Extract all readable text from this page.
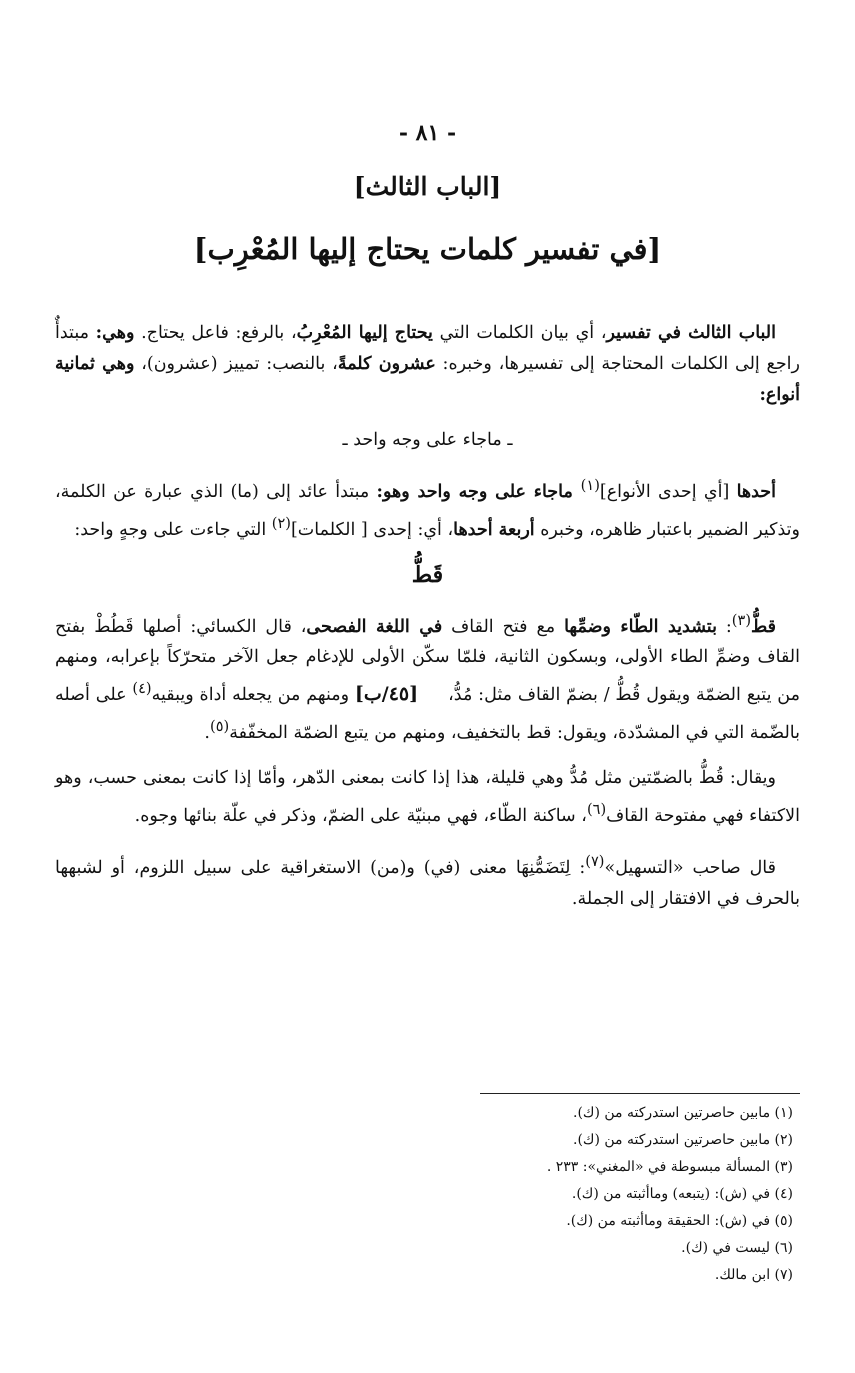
- ٨١ -
[الباب الثالث]
[في تفسير كلمات يحتاج إليها المُعْرِب]

الباب الثالث في تفسير، أي بيان الكلمات التي يحتاج إليها المُعْرِبُ، بالرفع: فاعل يحتاج. وهي: مبتدأٌ راجع إلى الكلمات المحتاجة إلى تفسيرها، وخبره: عشرون كلمةً، بالنصب: تمييز (عشرون)، وهي ثمانية أنواع:

ـ ماجاء على وجه واحد ـ

أحدها [أي إحدى الأنواع]$^{(١)}$ ماجاء على وجه واحد وهو: مبتدأ عائد إلى (ما) الذي عبارة عن الكلمة، وتذكير الضمير باعتبار ظاهره، وخبره أربعة أحدها، أي: إحدى [ الكلمات]$^{(٢)}$ التي جاءت على وجهٍ واحد:

قَطُّ

قطُّ$^{(٣)}$: بتشديد الطّاء وضمِّها مع فتح القاف في اللغة الفصحى، قال الكسائي: أصلها قَطُطْ بفتح القاف وضمِّ الطاء الأولى، وبسكون الثانية، فلمّا سكّن الأولى للإدغام جعل الآخر متحرّكاً بإعرابه، ومنهم من يتبع الضمّة ويقول قُطُّ / بضمّ القاف مثل: مُدُّ،[٤٥/ب] ومنهم من يجعله أداة ويبقيه$^{(٤)}$ على أصله بالضّمة التي في المشدّدة، ويقول: قط بالتخفيف، ومنهم من يتبع الضمّة المخفّفة$^{(٥)}$.

ويقال: قُطُّ بالضمّتين مثل مُدُّ وهي قليلة، هذا إذا كانت بمعنى الدّهر، وأمّا إذا كانت بمعنى حسب، وهو الاكتفاء فهي مفتوحة القاف$^{(٦)}$، ساكنة الطّاء، فهي مبنيّة على الضمّ، وذكر في علّة بنائها وجوه.

قال صاحب «التسهيل»$^{(٧)}$: لِتَضَمُّنِهَا معنى (في) و(من) الاستغراقية على سبيل اللزوم، أو لشبهها بالحرف في الافتقار إلى الجملة.

(١) مابين حاصرتين استدركته من (ك).
(٢) مابين حاصرتين استدركته من (ك).
(٣) المسألة مبسوطة في «المغني»: ٢٣٣ .
(٤) في (ش): (يتبعه) وماأثبته من (ك).
(٥) في (ش): الحقيقة وماأثبته من (ك).
(٦) ليست في (ك).
(٧) ابن مالك.
